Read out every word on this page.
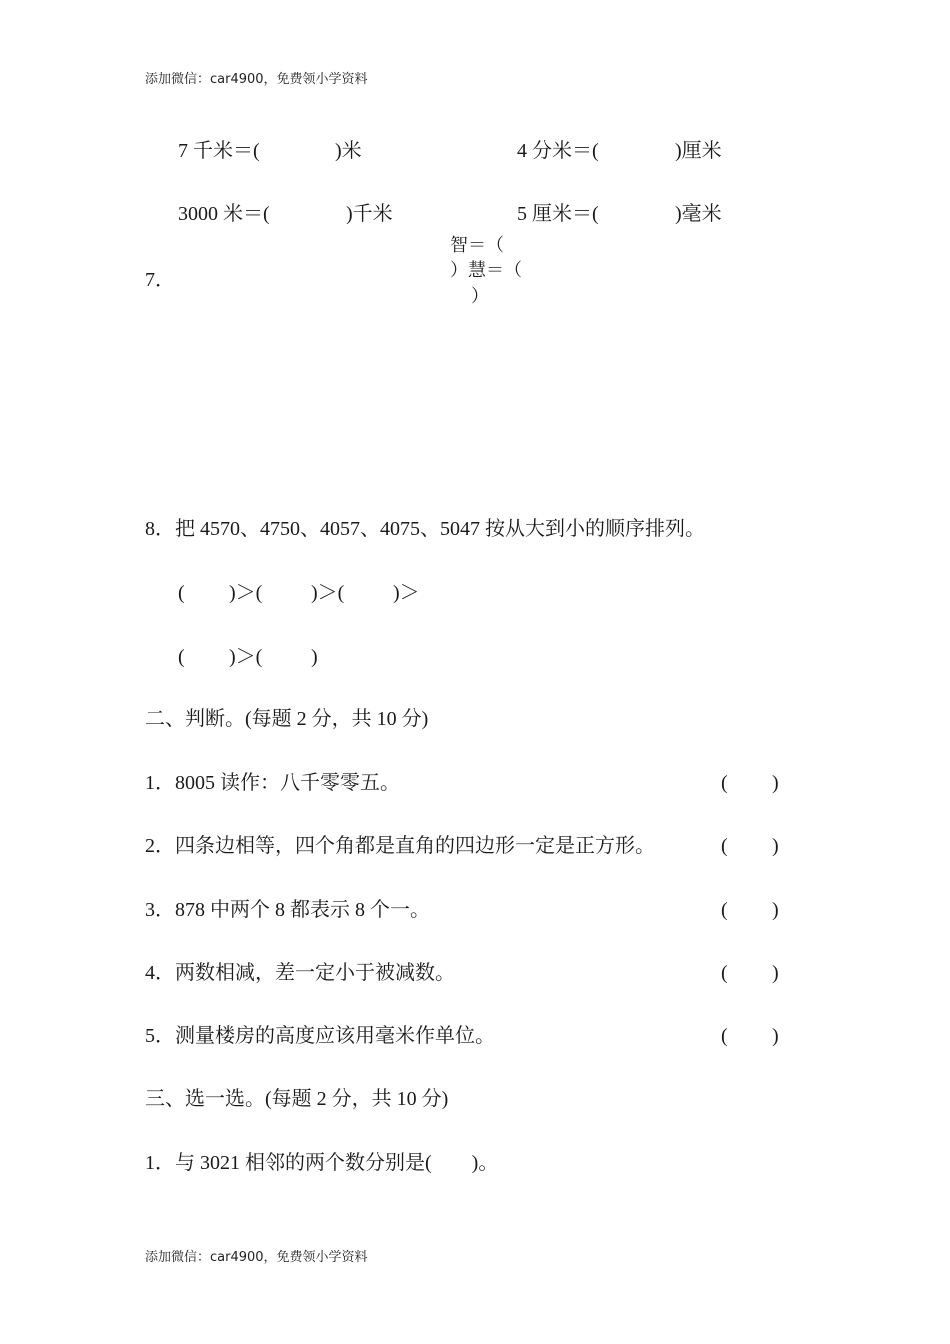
添加微信：car4900，免费领小学资料
7 千米＝(	)米	4 分米＝(	)厘米
3000 米＝(	)千米	5 厘米＝(	)毫米
7．
智＝（
）慧＝（
）
8．把 4570、4750、4057、4075、5047 按从大到小的顺序排列。
( )＞( )＞( )＞
( )＞( )
二、判断。(每题 2 分，共 10 分)
1．8005 读作：八千零零五。	( )
2．四条边相等，四个角都是直角的四边形一定是正方形。	( )
3．878 中两个 8 都表示 8 个一。	( )
4．两数相减，差一定小于被减数。	( )
5．测量楼房的高度应该用毫米作单位。	( )
三、选一选。(每题 2 分，共 10 分)
1．与 3021 相邻的两个数分别是(　　)。
添加微信：car4900，免费领小学资料
